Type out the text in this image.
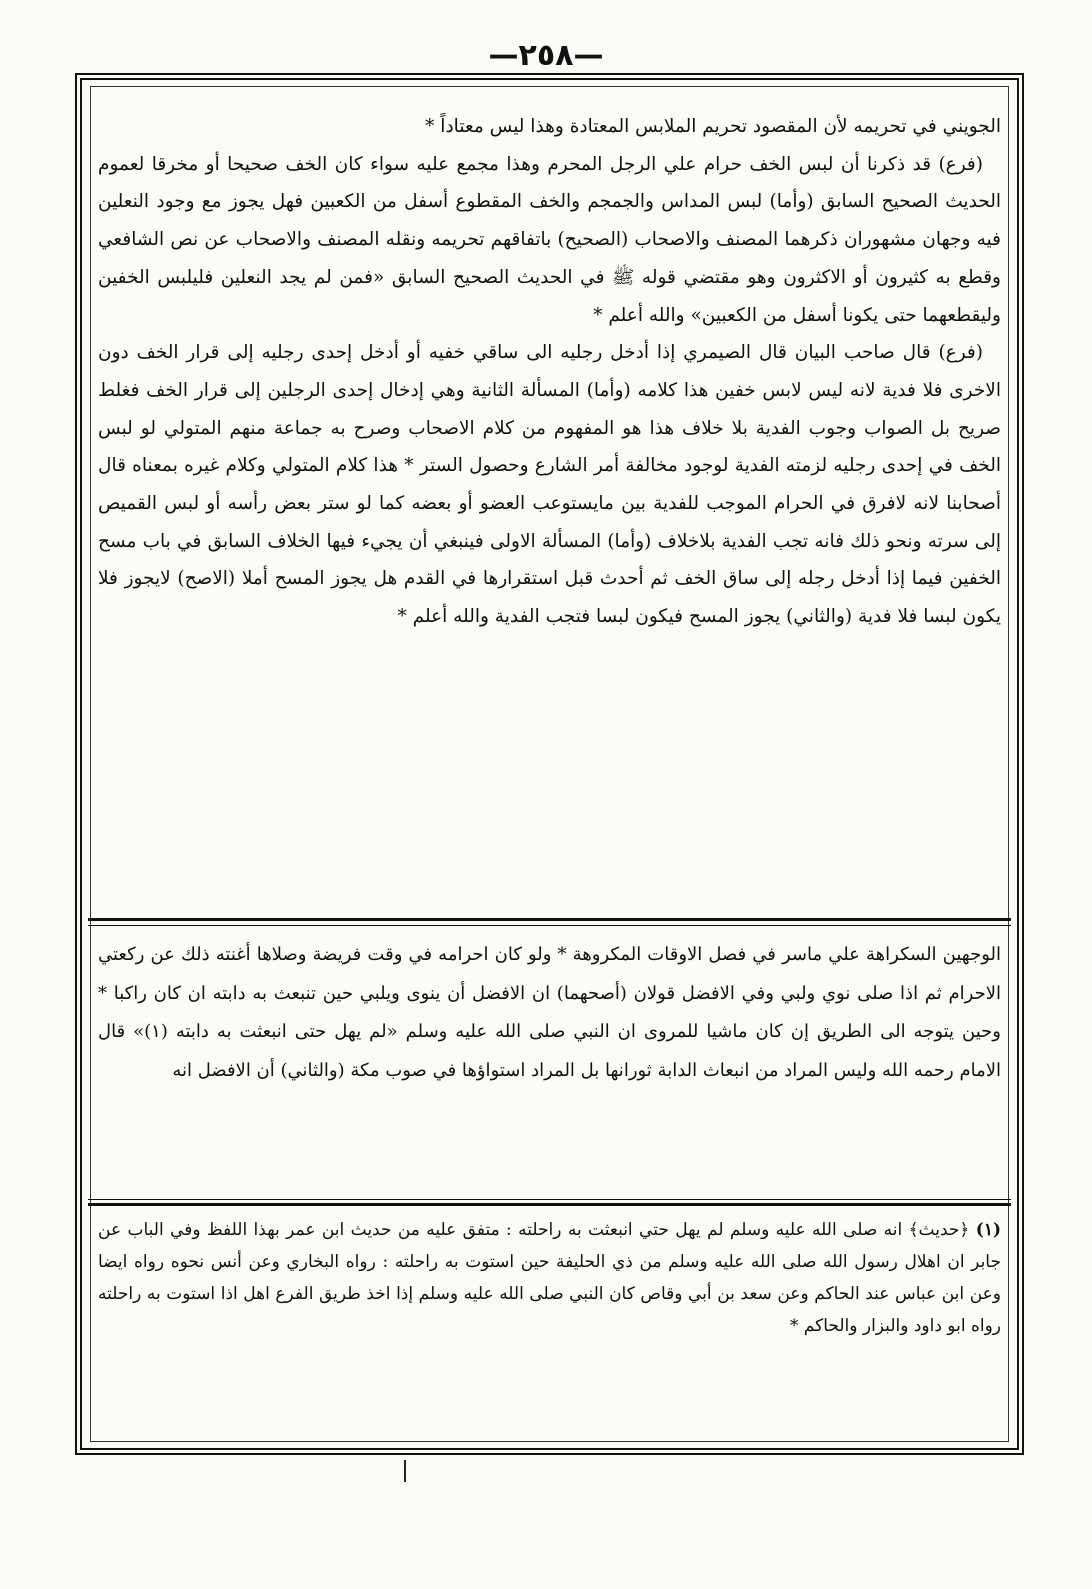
—٢٥٨—

الجويني في تحريمه لأن المقصود تحريم الملابس المعتادة وهذا ليس معتاداً *

(فرع) قد ذكرنا أن لبس الخف حرام علي الرجل المحرم وهذا مجمع عليه سواء كان الخف صحيحا أو مخرقا لعموم الحديث الصحيح السابق (وأما) لبس المداس والجمجم والخف المقطوع أسفل من الكعبين فهل يجوز مع وجود النعلين فيه وجهان مشهوران ذكرهما المصنف والاصحاب (الصحيح) باتفاقهم تحريمه ونقله المصنف والاصحاب عن نص الشافعي وقطع به كثيرون أو الاكثرون وهو مقتضي قوله ﷺ في الحديث الصحيح السابق «فمن لم يجد النعلين فليلبس الخفين وليقطعهما حتى يكونا أسفل من الكعبين» والله أعلم *

(فرع) قال صاحب البيان قال الصيمري إذا أدخل رجليه الى ساقي خفيه أو أدخل إحدى رجليه إلى قرار الخف دون الاخرى فلا فدية لانه ليس لابس خفين هذا كلامه (وأما) المسألة الثانية وهي إدخال إحدى الرجلين إلى قرار الخف فغلط صريح بل الصواب وجوب الفدية بلا خلاف هذا هو المفهوم من كلام الاصحاب وصرح به جماعة منهم المتولي لو لبس الخف في إحدى رجليه لزمته الفدية لوجود مخالفة أمر الشارع وحصول الستر * هذا كلام المتولي وكلام غيره بمعناه قال أصحابنا لانه لافرق في الحرام الموجب للفدية بين مايستوعب العضو أو بعضه كما لو ستر بعض رأسه أو لبس القميص إلى سرته ونحو ذلك فانه تجب الفدية بلاخلاف (وأما) المسألة الاولى فينبغي أن يجيء فيها الخلاف السابق في باب مسح الخفين فيما إذا أدخل رجله إلى ساق الخف ثم أحدث قبل استقرارها في القدم هل يجوز المسح أملا (الاصح) لايجوز فلا يكون لبسا فلا فدية (والثاني) يجوز المسح فيكون لبسا فتجب الفدية والله أعلم *

الوجهين السكراهة علي ماسر في فصل الاوقات المكروهة * ولو كان احرامه في وقت فريضة وصلاها أغنته ذلك عن ركعتي الاحرام ثم اذا صلى نوي ولبي وفي الافضل قولان (أصحهما) ان الافضل أن ينوى ويلبي حين تنبعث به دابته ان كان راكبا * وحين يتوجه الى الطريق إن كان ماشيا للمروى ان النبي صلى الله عليه وسلم «لم يهل حتى انبعثت به دابته (١)» قال الامام رحمه الله وليس المراد من انبعاث الدابة ثورانها بل المراد استواؤها في صوب مكة (والثاني) أن الافضل انه

(١) ﴿حديث﴾ انه صلى الله عليه وسلم لم يهل حتي انبعثت به راحلته : متفق عليه من حديث ابن عمر بهذا اللفظ وفي الباب عن جابر ان اهلال رسول الله صلى الله عليه وسلم من ذي الحليفة حين استوت به راحلته : رواه البخاري وعن أنس نحوه رواه ايضا وعن ابن عباس عند الحاكم وعن سعد بن أبي وقاص كان النبي صلى الله عليه وسلم إذا اخذ طريق الفرع اهل اذا استوت به راحلته رواه ابو داود والبزار والحاكم *
